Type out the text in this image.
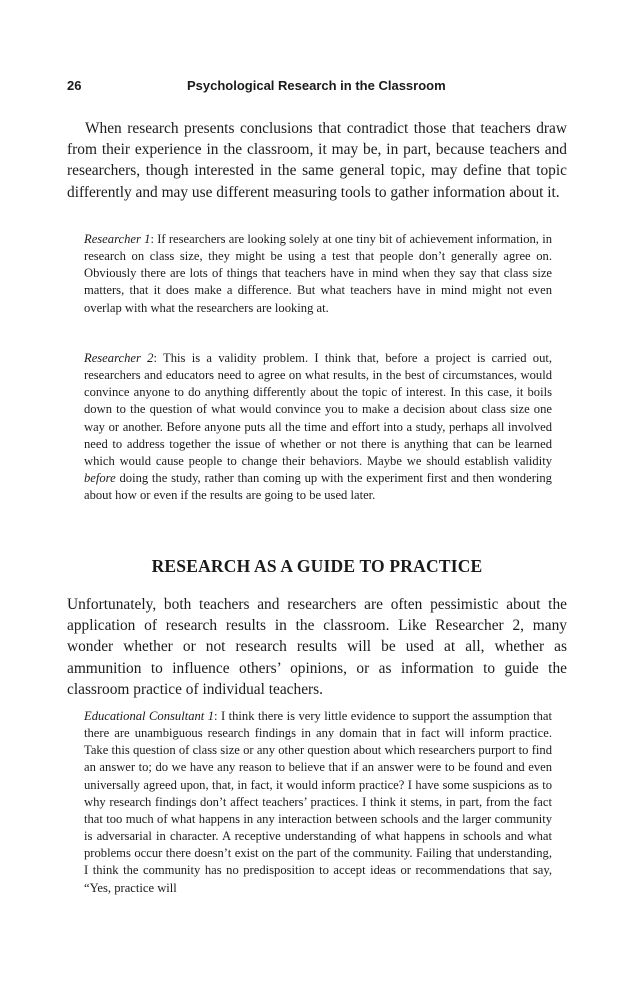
26	Psychological Research in the Classroom

When research presents conclusions that contradict those that teachers draw from their experience in the classroom, it may be, in part, because teachers and researchers, though interested in the same general topic, may define that topic differently and may use different measuring tools to gather information about it.

Researcher 1: If researchers are looking solely at one tiny bit of achievement information, in research on class size, they might be using a test that people don’t generally agree on. Obviously there are lots of things that teachers have in mind when they say that class size matters, that it does make a difference. But what teachers have in mind might not even overlap with what the researchers are looking at.

Researcher 2: This is a validity problem. I think that, before a project is carried out, researchers and educators need to agree on what results, in the best of circumstances, would convince anyone to do anything differently about the topic of interest. In this case, it boils down to the question of what would convince you to make a decision about class size one way or another. Before anyone puts all the time and effort into a study, perhaps all involved need to address together the issue of whether or not there is anything that can be learned which would cause people to change their behaviors. Maybe we should establish validity before doing the study, rather than coming up with the experiment first and then wondering about how or even if the results are going to be used later.

RESEARCH AS A GUIDE TO PRACTICE

Unfortunately, both teachers and researchers are often pessimistic about the application of research results in the classroom. Like Researcher 2, many wonder whether or not research results will be used at all, whether as ammunition to influence others’ opinions, or as information to guide the classroom practice of individual teachers.

Educational Consultant 1: I think there is very little evidence to support the assumption that there are unambiguous research findings in any domain that in fact will inform practice. Take this question of class size or any other question about which researchers purport to find an answer to; do we have any reason to believe that if an answer were to be found and even universally agreed upon, that, in fact, it would inform practice? I have some suspicions as to why research findings don’t affect teachers’ practices. I think it stems, in part, from the fact that too much of what happens in any interaction between schools and the larger community is adversarial in character. A receptive understanding of what happens in schools and what problems occur there doesn’t exist on the part of the community. Failing that understanding, I think the community has no predisposition to accept ideas or recommendations that say, “Yes, practice will
